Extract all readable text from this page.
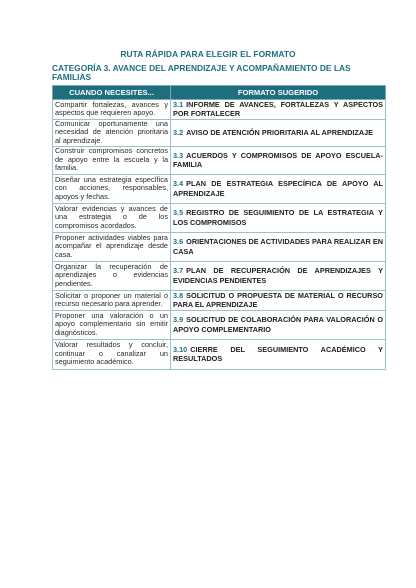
RUTA RÁPIDA PARA ELEGIR EL FORMATO
CATEGORÍA 3. AVANCE DEL APRENDIZAJE Y ACOMPAÑAMIENTO DE LAS FAMILIAS
CUANDO NECESITES...	FORMATO SUGERIDO
Compartir fortalezas, avances y aspectos que requieren apoyo.	3.1 INFORME DE AVANCES, FORTALEZAS Y ASPECTOS POR FORTALECER
Comunicar oportunamente una necesidad de atención prioritaria al aprendizaje.	3.2 AVISO DE ATENCIÓN PRIORITARIA AL APRENDIZAJE
Construir compromisos concretos de apoyo entre la escuela y la familia.	3.3 ACUERDOS Y COMPROMISOS DE APOYO ESCUELA-FAMILIA
Diseñar una estrategia específica con acciones, responsables, apoyos y fechas.	3.4 PLAN DE ESTRATEGIA ESPECÍFICA DE APOYO AL APRENDIZAJE
Valorar evidencias y avances de una estrategia o de los compromisos acordados.	3.5 REGISTRO DE SEGUIMIENTO DE LA ESTRATEGIA Y LOS COMPROMISOS
Proponer actividades viables para acompañar el aprendizaje desde casa.	3.6 ORIENTACIONES DE ACTIVIDADES PARA REALIZAR EN CASA
Organizar la recuperación de aprendizajes o evidencias pendientes.	3.7 PLAN DE RECUPERACIÓN DE APRENDIZAJES Y EVIDENCIAS PENDIENTES
Solicitar o proponer un material o recurso necesario para aprender.	3.8 SOLICITUD O PROPUESTA DE MATERIAL O RECURSO PARA EL APRENDIZAJE
Proponer una valoración o un apoyo complementario sin emitir diagnósticos.	3.9 SOLICITUD DE COLABORACIÓN PARA VALORACIÓN O APOYO COMPLEMENTARIO
Valorar resultados y concluir, continuar o canalizar un seguimiento académico.	3.10 CIERRE DEL SEGUIMIENTO ACADÉMICO Y RESULTADOS
